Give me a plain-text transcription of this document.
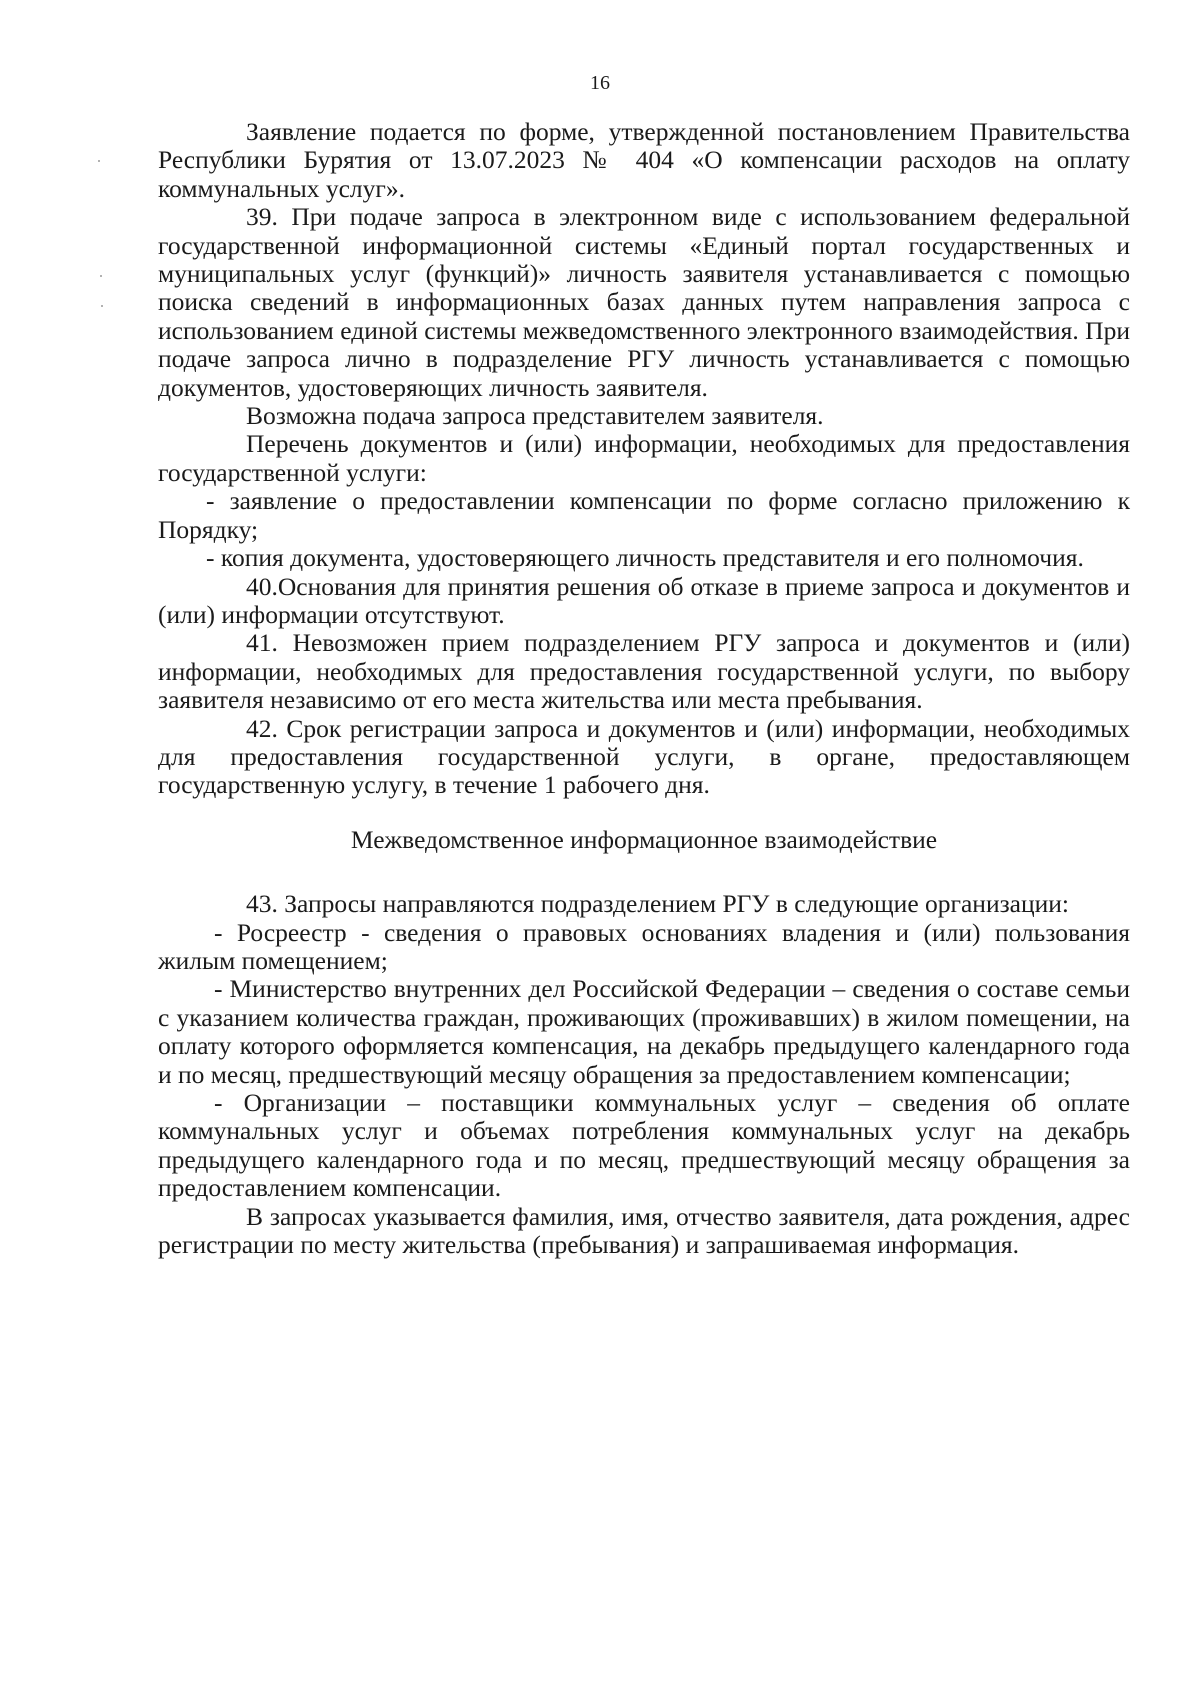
16

Заявление подается по форме, утвержденной постановлением Правительства Республики Бурятия от 13.07.2023 № 404 «О компенсации расходов на оплату коммунальных услуг».

39. При подаче запроса в электронном виде с использованием федеральной государственной информационной системы «Единый портал государственных и муниципальных услуг (функций)» личность заявителя устанавливается с помощью поиска сведений в информационных базах данных путем направления запроса с использованием единой системы межведомственного электронного взаимодействия. При подаче запроса лично в подразделение РГУ личность устанавливается с помощью документов, удостоверяющих личность заявителя.

Возможна подача запроса представителем заявителя.

Перечень документов и (или) информации, необходимых для предоставления государственной услуги:

- заявление о предоставлении компенсации по форме согласно приложению к Порядку;

- копия документа, удостоверяющего личность представителя и его полномочия.

40.Основания для принятия решения об отказе в приеме запроса и документов и (или) информации отсутствуют.

41. Невозможен прием подразделением РГУ запроса и документов и (или) информации, необходимых для предоставления государственной услуги, по выбору заявителя независимо от его места жительства или места пребывания.

42. Срок регистрации запроса и документов и (или) информации, необходимых для предоставления государственной услуги, в органе, предоставляющем государственную услугу, в течение 1 рабочего дня.

Межведомственное информационное взаимодействие

43. Запросы направляются подразделением РГУ в следующие организации:

- Росреестр - сведения о правовых основаниях владения и (или) пользования жилым помещением;

- Министерство внутренних дел Российской Федерации – сведения о составе семьи с указанием количества граждан, проживающих (проживавших) в жилом помещении, на оплату которого оформляется компенсация, на декабрь предыдущего календарного года и по месяц, предшествующий месяцу обращения за предоставлением компенсации;

- Организации – поставщики коммунальных услуг – сведения об оплате коммунальных услуг и объемах потребления коммунальных услуг на декабрь предыдущего календарного года и по месяц, предшествующий месяцу обращения за предоставлением компенсации.

В запросах указывается фамилия, имя, отчество заявителя, дата рождения, адрес регистрации по месту жительства (пребывания) и запрашиваемая информация.
